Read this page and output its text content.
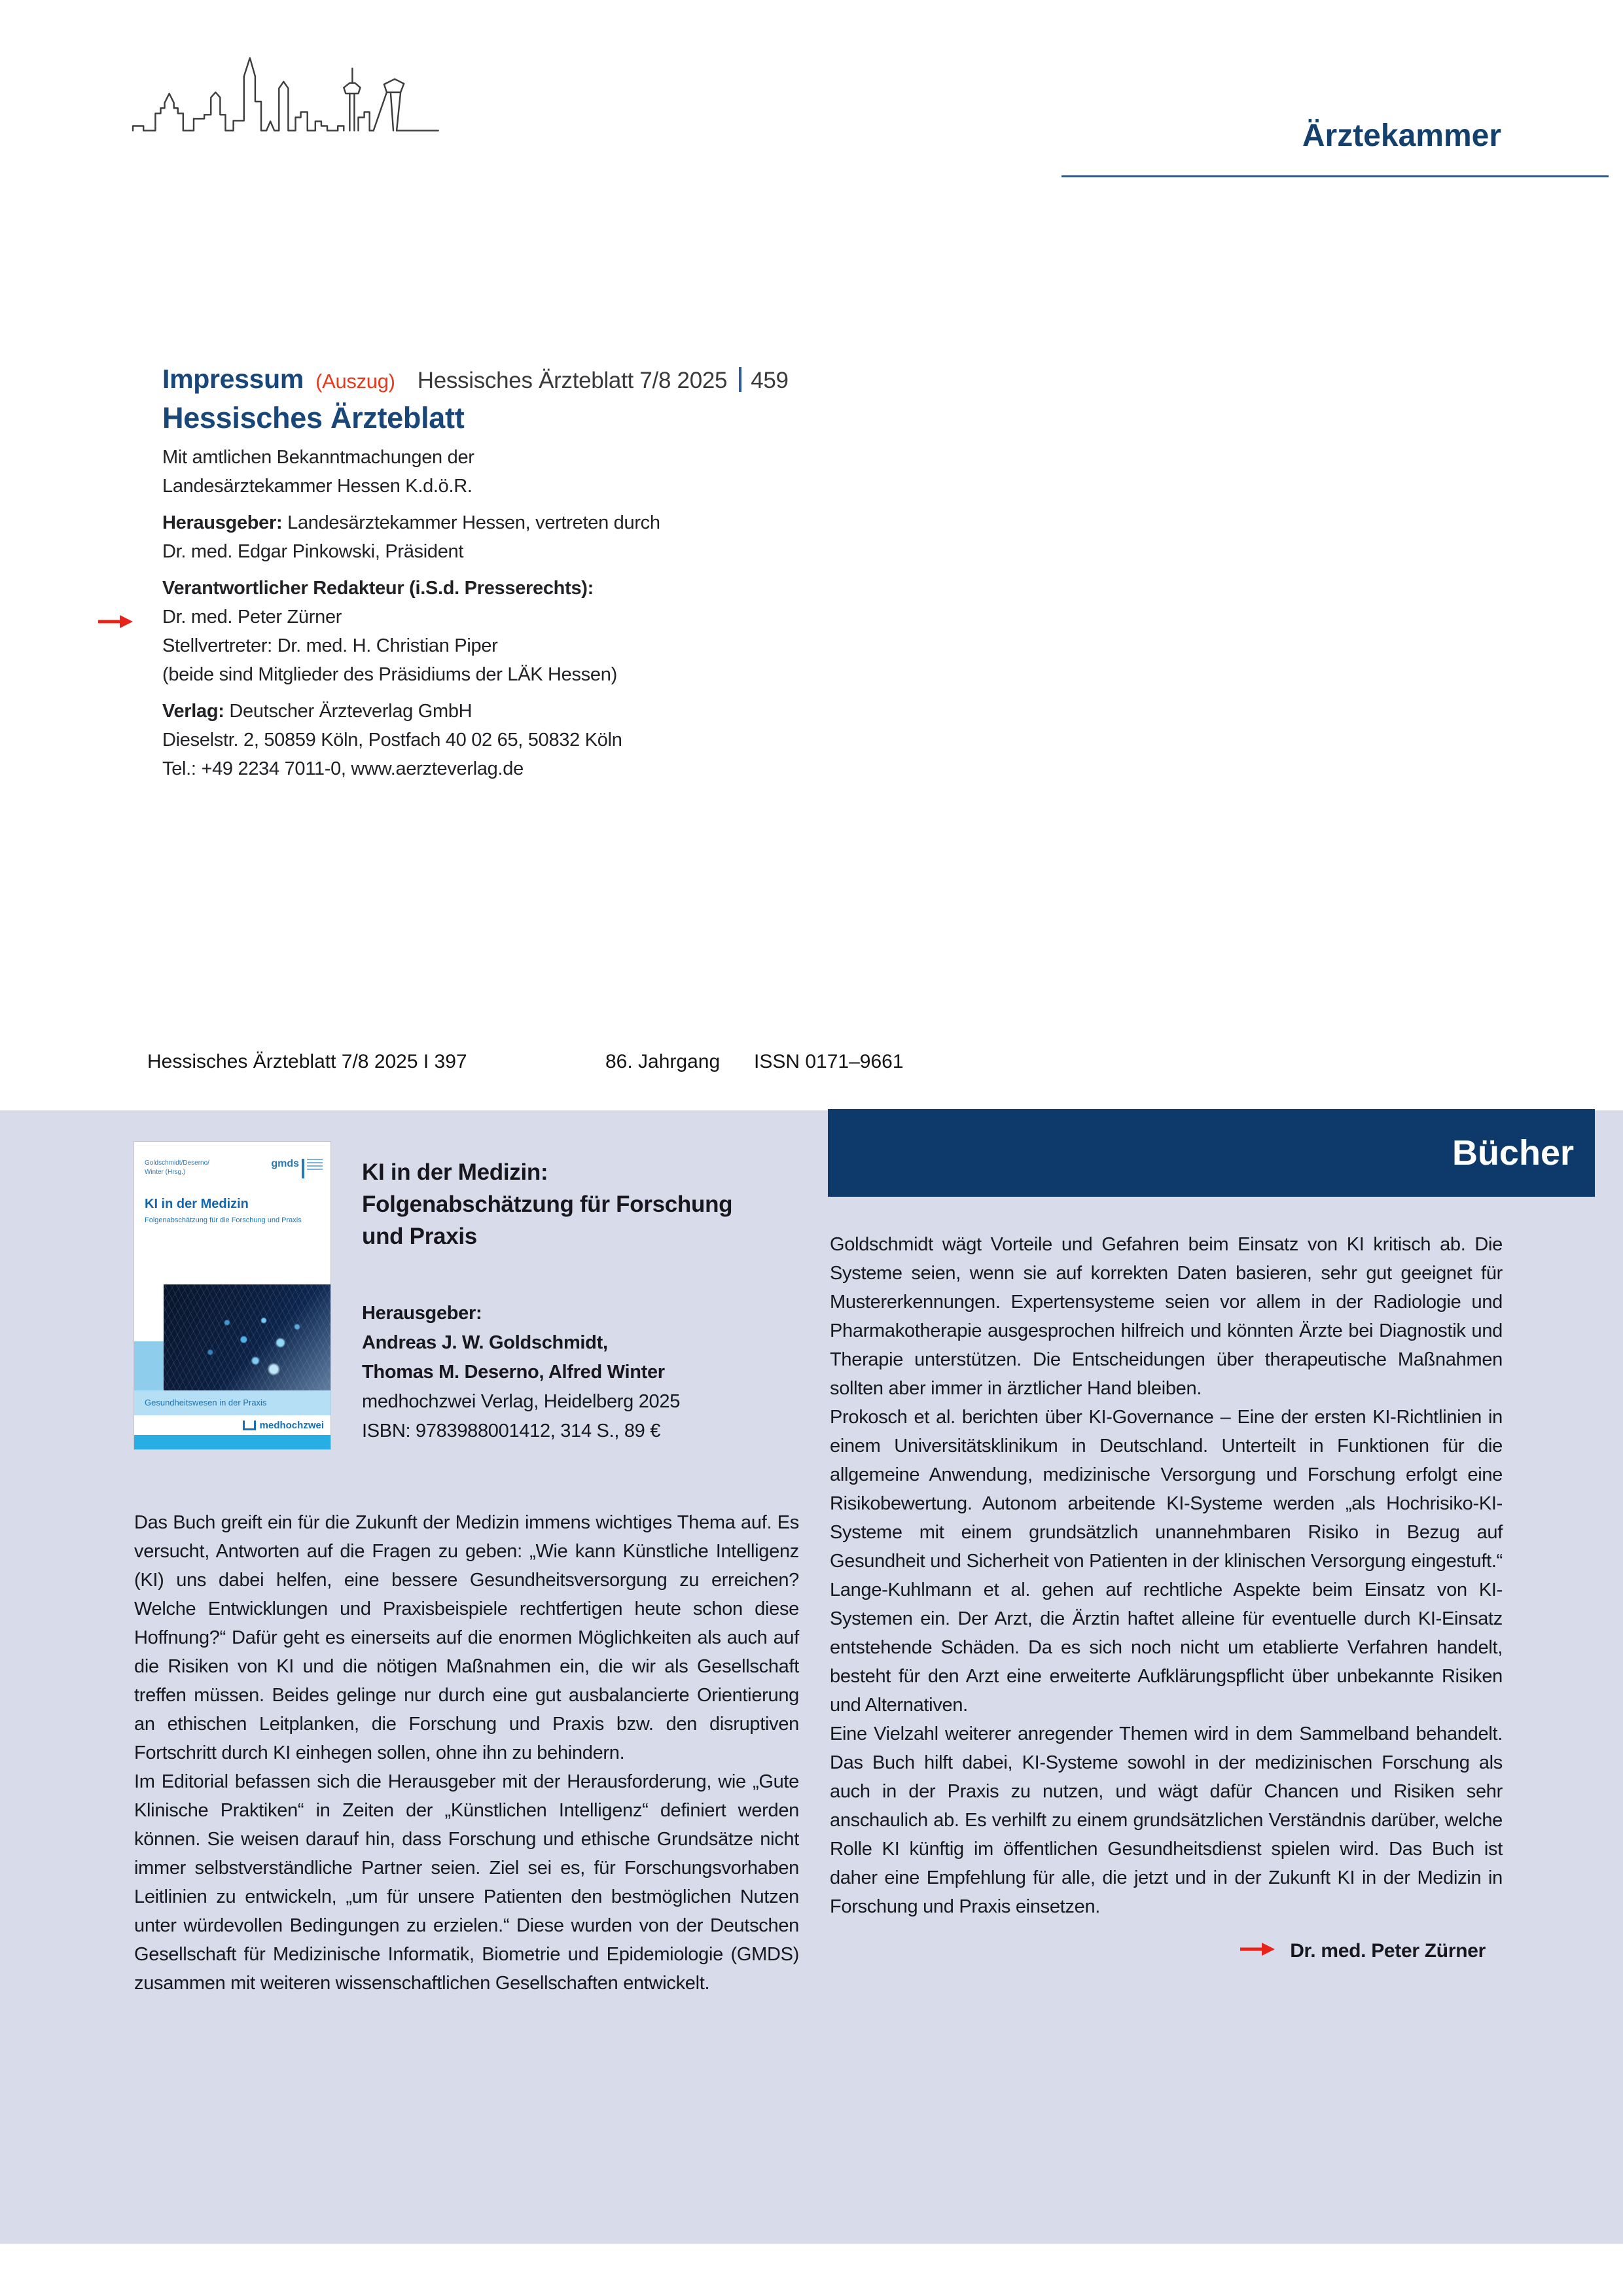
Ärztekammer
Impressum (Auszug) Hessisches Ärzteblatt 7/8 2025 459
Hessisches Ärzteblatt
Mit amtlichen Bekanntmachungen der
Landesärztekammer Hessen K.d.ö.R.
Herausgeber: Landesärztekammer Hessen, vertreten durch
Dr. med. Edgar Pinkowski, Präsident
Verantwortlicher Redakteur (i.S.d. Presserechts):
Dr. med. Peter Zürner
Stellvertreter: Dr. med. H. Christian Piper
(beide sind Mitglieder des Präsidiums der LÄK Hessen)
Verlag: Deutscher Ärzteverlag GmbH
Dieselstr. 2, 50859 Köln, Postfach 40 02 65, 50832 Köln
Tel.: +49 2234 7011-0, www.aerzteverlag.de
Hessisches Ärzteblatt 7/8 2025 I 397	86. Jahrgang ISSN 0171–9661
Bücher
Goldschmidt/Deserno/
Winter (Hrsg.)
gmds
KI in der Medizin
Folgenabschätzung für die Forschung und Praxis
Gesundheitswesen in der Praxis
medhochzwei
KI in der Medizin:
Folgenabschätzung für Forschung
und Praxis
Herausgeber:
Andreas J. W. Goldschmidt,
Thomas M. Deserno, Alfred Winter
medhochzwei Verlag, Heidelberg 2025
ISBN: 9783988001412, 314 S., 89 €

Das Buch greift ein für die Zukunft der Medizin immens wichtiges Thema auf. Es versucht, Antworten auf die Fragen zu geben: „Wie kann Künstliche Intelligenz (KI) uns dabei helfen, eine bessere Gesundheitsversorgung zu erreichen? Welche Entwicklungen und Praxisbeispiele rechtfertigen heute schon diese Hoffnung?“ Dafür geht es einerseits auf die enormen Möglichkeiten als auch auf die Risiken von KI und die nötigen Maßnahmen ein, die wir als Gesellschaft treffen müssen. Beides gelinge nur durch eine gut ausbalancierte Orientierung an ethischen Leitplanken, die Forschung und Praxis bzw. den disruptiven Fortschritt durch KI einhegen sollen, ohne ihn zu behindern.

Im Editorial befassen sich die Herausgeber mit der Herausforderung, wie „Gute Klinische Praktiken“ in Zeiten der „Künstlichen Intelligenz“ definiert werden können. Sie weisen darauf hin, dass Forschung und ethische Grundsätze nicht immer selbstverständliche Partner seien. Ziel sei es, für Forschungsvorhaben Leitlinien zu entwickeln, „um für unsere Patienten den bestmöglichen Nutzen unter würdevollen Bedingungen zu erzielen.“ Diese wurden von der Deutschen Gesellschaft für Medizinische Informatik, Biometrie und Epidemiologie (GMDS) zusammen mit weiteren wissenschaftlichen Gesellschaften entwickelt.

Goldschmidt wägt Vorteile und Gefahren beim Einsatz von KI kritisch ab. Die Systeme seien, wenn sie auf korrekten Daten basieren, sehr gut geeignet für Mustererkennungen. Expertensysteme seien vor allem in der Radiologie und Pharmakotherapie ausgesprochen hilfreich und könnten Ärzte bei Diagnostik und Therapie unterstützen. Die Entscheidungen über therapeutische Maßnahmen sollten aber immer in ärztlicher Hand bleiben.

Prokosch et al. berichten über KI-Governance – Eine der ersten KI-Richtlinien in einem Universitätsklinikum in Deutschland. Unterteilt in Funktionen für die allgemeine Anwendung, medizinische Versorgung und Forschung erfolgt eine Risikobewertung. Autonom arbeitende KI-Systeme werden „als Hochrisiko-KI-Systeme mit einem grundsätzlich unannehmbaren Risiko in Bezug auf Gesundheit und Sicherheit von Patienten in der klinischen Versorgung eingestuft.“ Lange-Kuhlmann et al. gehen auf rechtliche Aspekte beim Einsatz von KI-Systemen ein. Der Arzt, die Ärztin haftet alleine für eventuelle durch KI-Einsatz entstehende Schäden. Da es sich noch nicht um etablierte Verfahren handelt, besteht für den Arzt eine erweiterte Aufklärungspflicht über unbekannte Risiken und Alternativen.

Eine Vielzahl weiterer anregender Themen wird in dem Sammelband behandelt. Das Buch hilft dabei, KI-Systeme sowohl in der medizinischen Forschung als auch in der Praxis zu nutzen, und wägt dafür Chancen und Risiken sehr anschaulich ab. Es verhilft zu einem grundsätzlichen Verständnis darüber, welche Rolle KI künftig im öffentlichen Gesundheitsdienst spielen wird. Das Buch ist daher eine Empfehlung für alle, die jetzt und in der Zukunft KI in der Medizin in Forschung und Praxis einsetzen.

Dr. med. Peter Zürner
